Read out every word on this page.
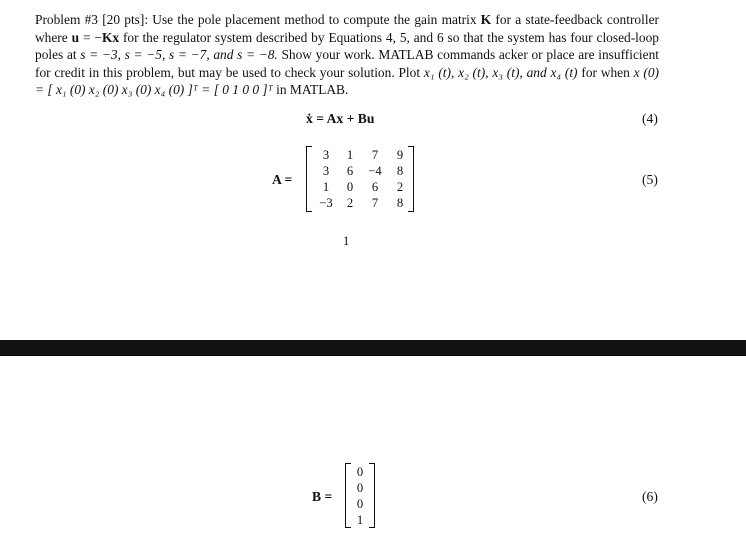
Problem #3 [20 pts]: Use the pole placement method to compute the gain matrix K for a state-feedback controller where u = −Kx for the regulator system described by Equations 4, 5, and 6 so that the system has four closed-loop poles at s = −3, s = −5, s = −7, and s = −8. Show your work. MATLAB commands acker or place are insufficient for credit in this problem, but may be used to check your solution. Plot x₁ (t), x₂ (t), x₃ (t), and x₄ (t) for when x (0) = [ x₁ (0) x₂ (0) x₃ (0) x₄ (0) ]ᵀ = [ 0 1 0 0 ]ᵀ in MATLAB.
ẋ = Ax + Bu	(4)
A =
3	1	7	9
3	6	−4	8
1	0	6	2
−3	2	7	8
(5)
1
B =
0
0
0
1
(6)
